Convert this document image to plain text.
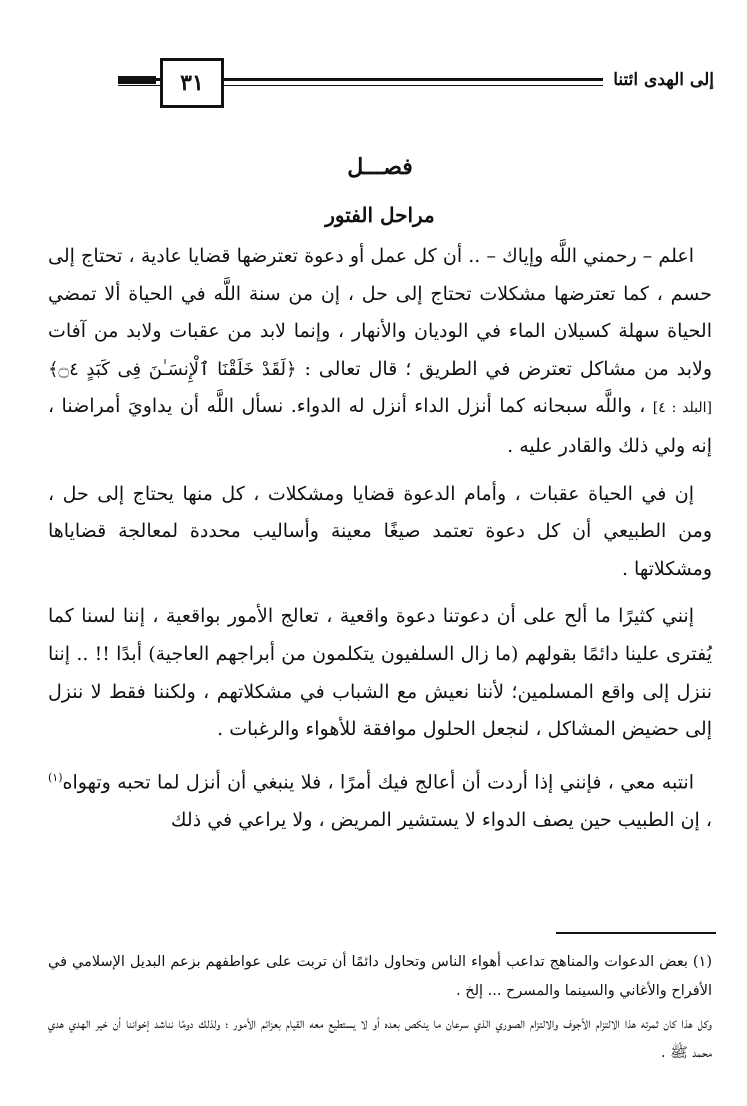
٣١	إلى الهدى ائتنا
فصـــل
مراحل الفتور

اعلم – رحمني اللَّه وإياك – .. أن كل عمل أو دعوة تعترضها قضايا عادية ، تحتاج إلى حسم ، كما تعترضها مشكلات تحتاج إلى حل ، إن من سنة اللَّه في الحياة ألا تمضي الحياة سهلة كسيلان الماء في الوديان والأنهار ، وإنما لابد من عقبات ولابد من آفات ولابد من مشاكل تعترض في الطريق ؛ قال تعالى : ﴿لَقَدْ خَلَقْنَا ٱلْإِنسَـٰنَ فِى كَبَدٍ ۝٤﴾ [البلد : ٤] ، واللَّه سبحانه كما أنزل الداء أنزل له الدواء. نسأل اللَّه أن يداويَ أمراضنا ، إنه ولي ذلك والقادر عليه .

إن في الحياة عقبات ، وأمام الدعوة قضايا ومشكلات ، كل منها يحتاج إلى حل ، ومن الطبيعي أن كل دعوة تعتمد صيغًا معينة وأساليب محددة لمعالجة قضاياها ومشكلاتها .

إنني كثيرًا ما ألح على أن دعوتنا دعوة واقعية ، تعالج الأمور بواقعية ، إننا لسنا كما يُفترى علينا دائمًا بقولهم (ما زال السلفيون يتكلمون من أبراجهم العاجية) أبدًا !! .. إننا ننزل إلى واقع المسلمين؛ لأننا نعيش مع الشباب في مشكلاتهم ، ولكننا فقط لا ننزل إلى حضيض المشاكل ، لنجعل الحلول موافقة للأهواء والرغبات .

انتبه معي ، فإنني إذا أردت أن أعالج فيك أمرًا ، فلا ينبغي أن أنزل لما تحبه وتهواه$^{(١)}$ ، إن الطبيب حين يصف الدواء لا يستشير المريض ، ولا يراعي في ذلك

(١) بعض الدعوات والمناهج تداعب أهواء الناس وتحاول دائمًا أن تربت على عواطفهم بزعم البديل الإسلامي في الأفراح والأغاني والسينما والمسرح ... إلخ .

وكل هذا كان ثمرته هذا الالتزام الأجوف والالتزام الصوري الذي سرعان ما ينكص بعده أو لا يستطيع معه القيام بعزائم الأمور ؛ ولذلك دومًا نناشد إخواننا أن خير الهدي هدي محمد ﷺ .
